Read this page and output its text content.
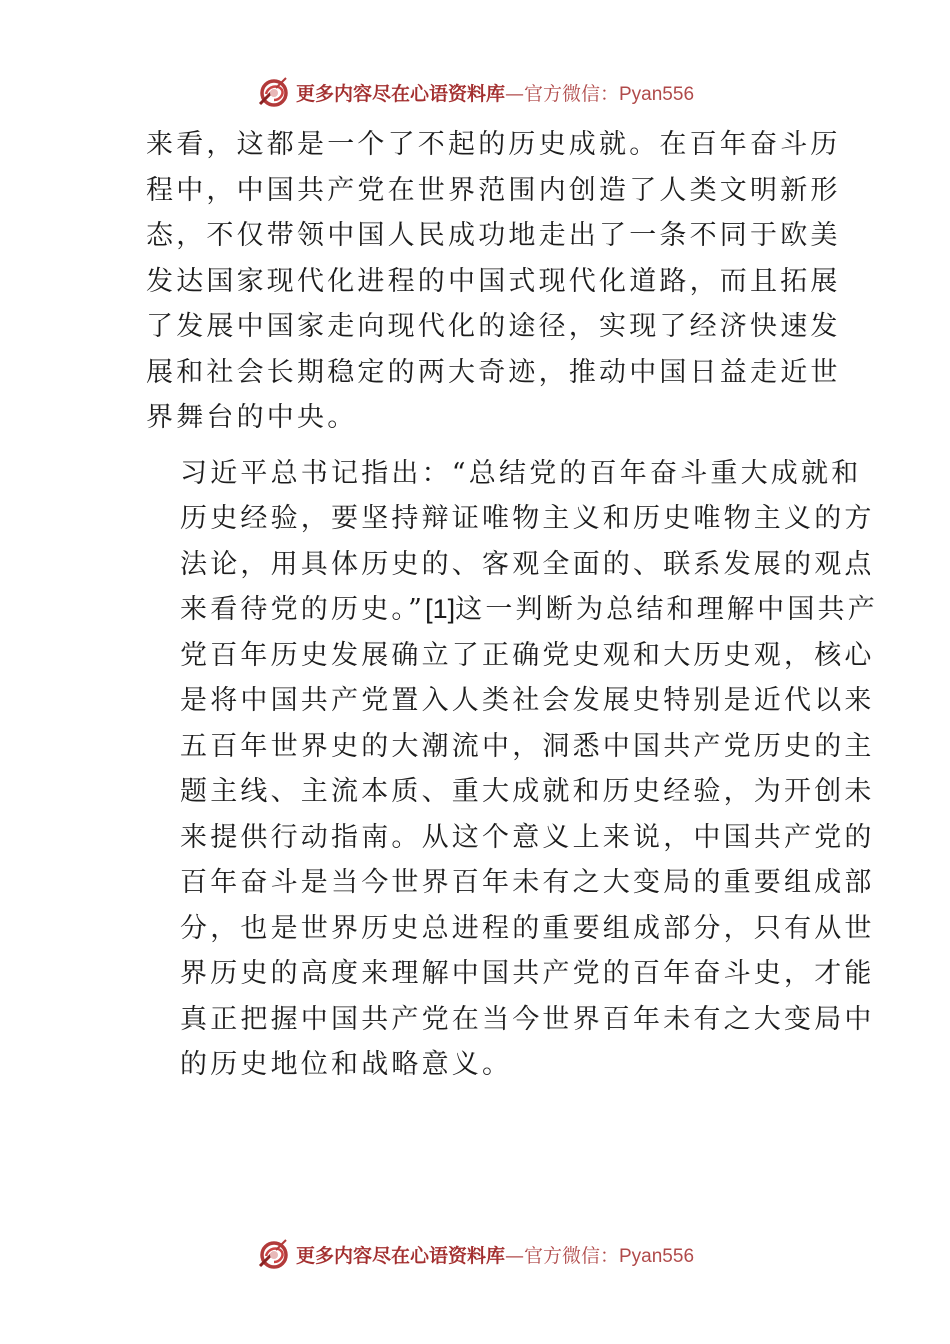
更多内容尽在心语资料库—官方微信：Pyan556

来看，这都是一个了不起的历史成就。在百年奋斗历
程中，中国共产党在世界范围内创造了人类文明新形
态，不仅带领中国人民成功地走出了一条不同于欧美
发达国家现代化进程的中国式现代化道路，而且拓展
了发展中国家走向现代化的途径，实现了经济快速发
展和社会长期稳定的两大奇迹，推动中国日益走近世
界舞台的中央。

习近平总书记指出：“总结党的百年奋斗重大成就和
历史经验，要坚持辩证唯物主义和历史唯物主义的方
法论，用具体历史的、客观全面的、联系发展的观点
来看待党的历史。”[1]这一判断为总结和理解中国共产
党百年历史发展确立了正确党史观和大历史观，核心
是将中国共产党置入人类社会发展史特别是近代以来
五百年世界史的大潮流中，洞悉中国共产党历史的主
题主线、主流本质、重大成就和历史经验，为开创未
来提供行动指南。从这个意义上来说，中国共产党的
百年奋斗是当今世界百年未有之大变局的重要组成部
分，也是世界历史总进程的重要组成部分，只有从世
界历史的高度来理解中国共产党的百年奋斗史，才能
真正把握中国共产党在当今世界百年未有之大变局中
的历史地位和战略意义。

更多内容尽在心语资料库—官方微信：Pyan556
